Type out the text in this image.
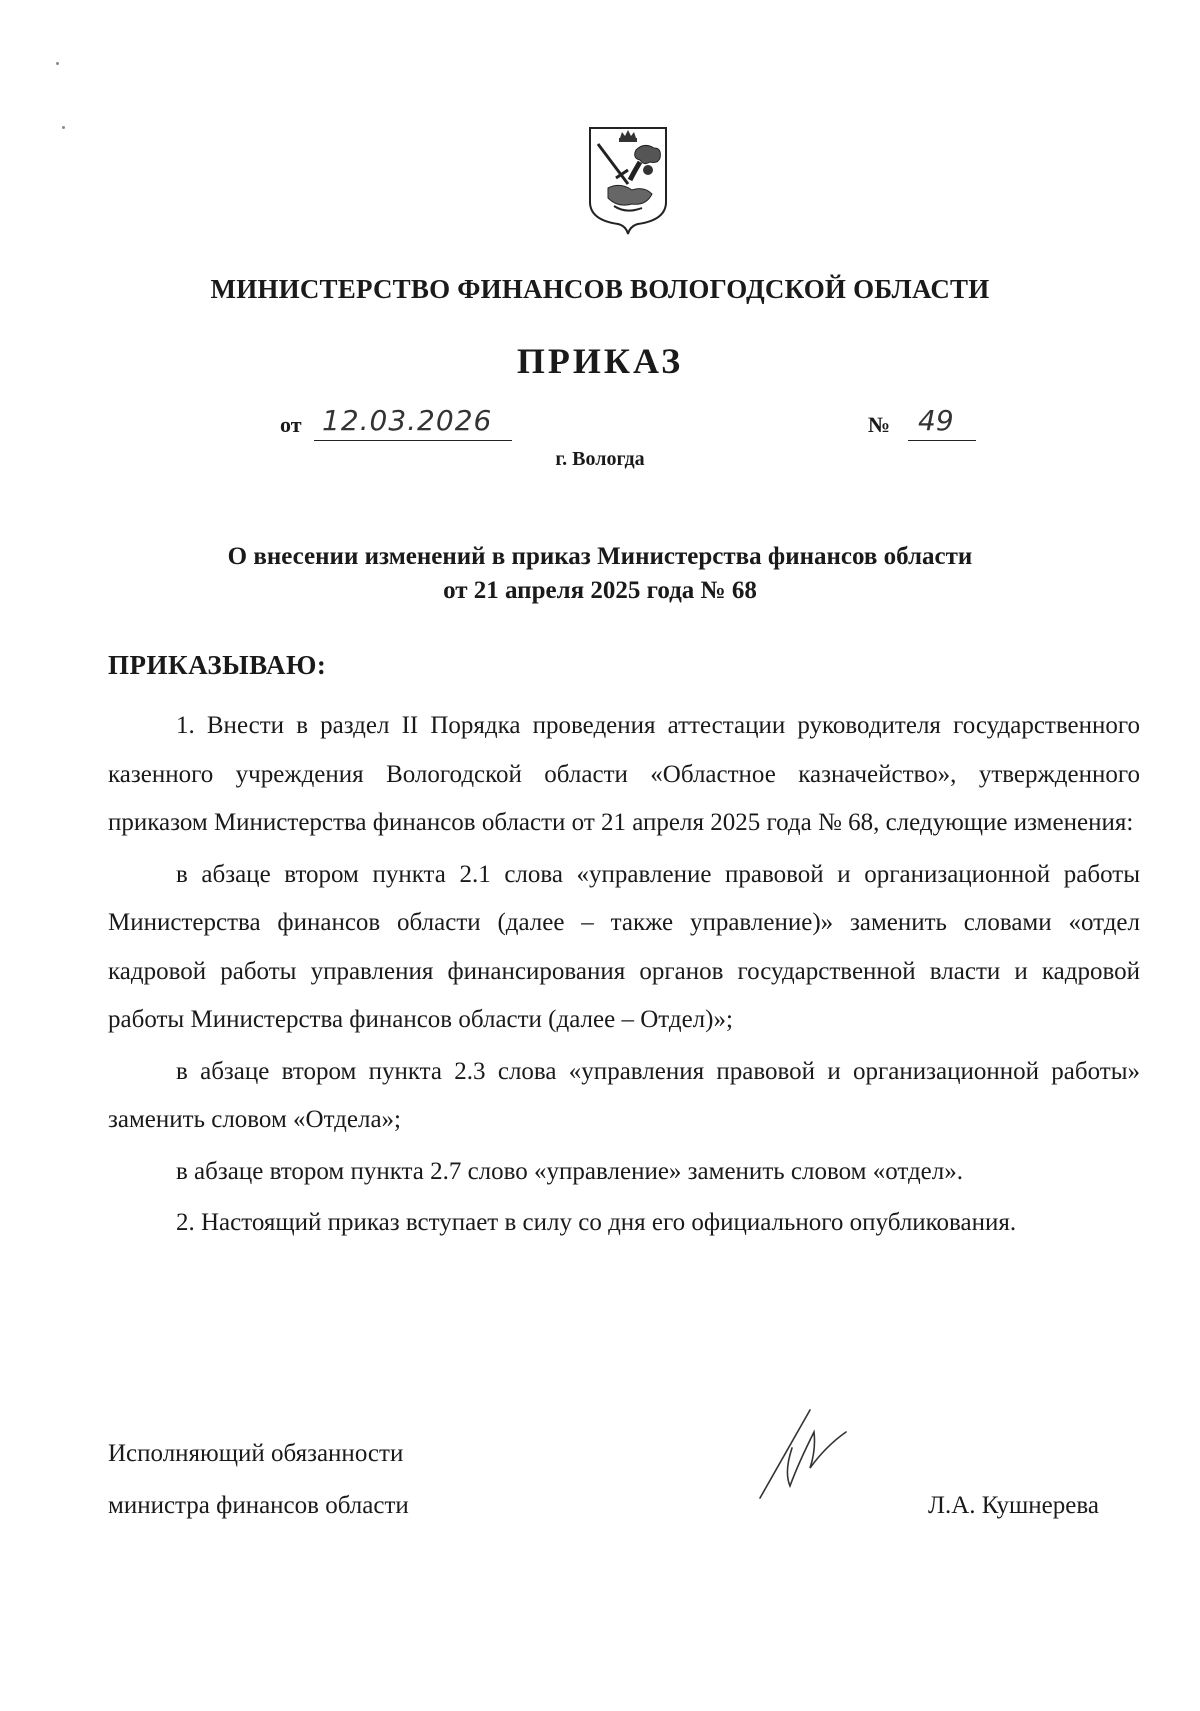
МИНИСТЕРСТВО ФИНАНСОВ ВОЛОГОДСКОЙ ОБЛАСТИ
ПРИКАЗ
от 12.03.2026	№ 49
г. Вологда
О внесении изменений в приказ Министерства финансов области
от 21 апреля 2025 года № 68
ПРИКАЗЫВАЮ:

1. Внести в раздел II Порядка проведения аттестации руководителя государственного казенного учреждения Вологодской области «Областное казначейство», утвержденного приказом Министерства финансов области от 21 апреля 2025 года № 68, следующие изменения:

в абзаце втором пункта 2.1 слова «управление правовой и организационной работы Министерства финансов области (далее – также управление)» заменить словами «отдел кадровой работы управления финансирования органов государственной власти и кадровой работы Министерства финансов области (далее – Отдел)»;

в абзаце втором пункта 2.3 слова «управления правовой и организационной работы» заменить словом «Отдела»;

в абзаце втором пункта 2.7 слово «управление» заменить словом «отдел».

2. Настоящий приказ вступает в силу со дня его официального опубликования.

Исполняющий обязанности
министра финансов области	Л.А. Кушнерева
